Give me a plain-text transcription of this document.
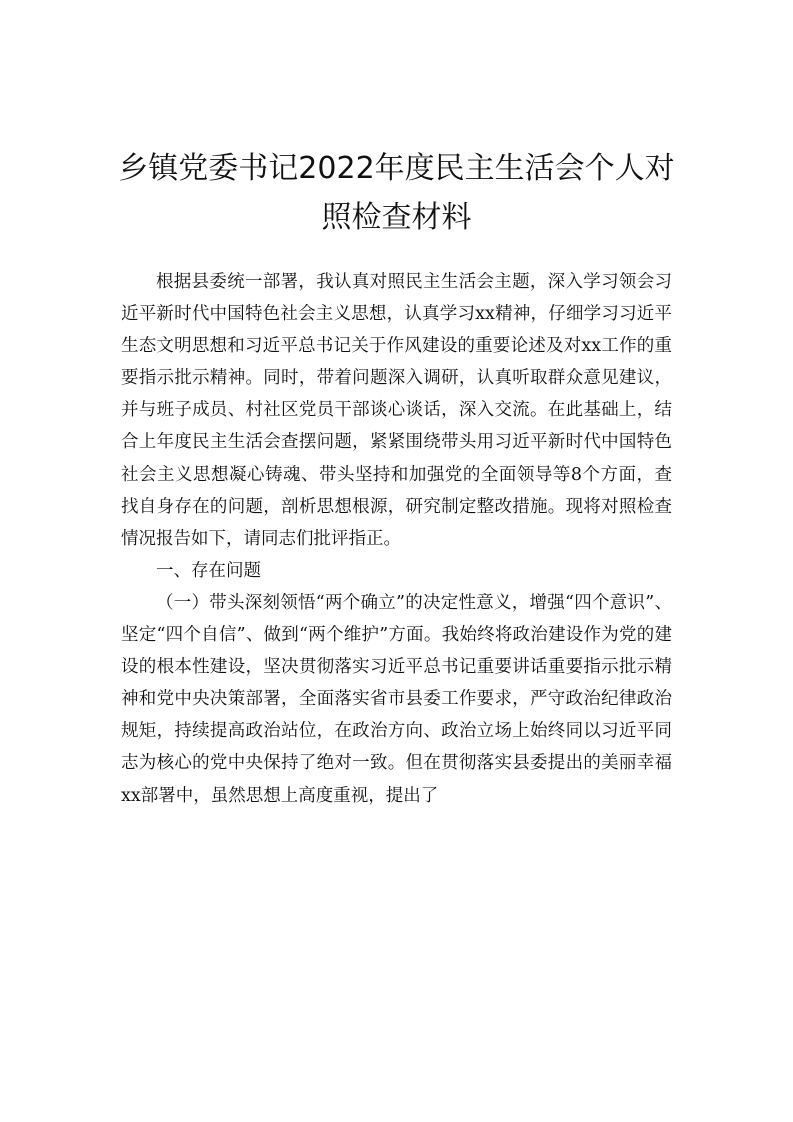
乡镇党委书记2022年度民主生活会个人对
照检查材料

根据县委统一部署，我认真对照民主生活会主题，深入学习领会习近平新时代中国特色社会主义思想，认真学习xx精神，仔细学习习近平生态文明思想和习近平总书记关于作风建设的重要论述及对xx工作的重要指示批示精神。同时，带着问题深入调研，认真听取群众意见建议，并与班子成员、村社区党员干部谈心谈话，深入交流。在此基础上，结合上年度民主生活会查摆问题，紧紧围绕带头用习近平新时代中国特色社会主义思想凝心铸魂、带头坚持和加强党的全面领导等8个方面，查找自身存在的问题，剖析思想根源，研究制定整改措施。现将对照检查情况报告如下，请同志们批评指正。

一、存在问题

（一）带头深刻领悟“两个确立”的决定性意义，增强“四个意识”、坚定“四个自信”、做到“两个维护”方面。我始终将政治建设作为党的建设的根本性建设，坚决贯彻落实习近平总书记重要讲话重要指示批示精神和党中央决策部署，全面落实省市县委工作要求，严守政治纪律政治规矩，持续提高政治站位，在政治方向、政治立场上始终同以习近平同志为核心的党中央保持了绝对一致。但在贯彻落实县委提出的美丽幸福xx部署中，虽然思想上高度重视，提出了
